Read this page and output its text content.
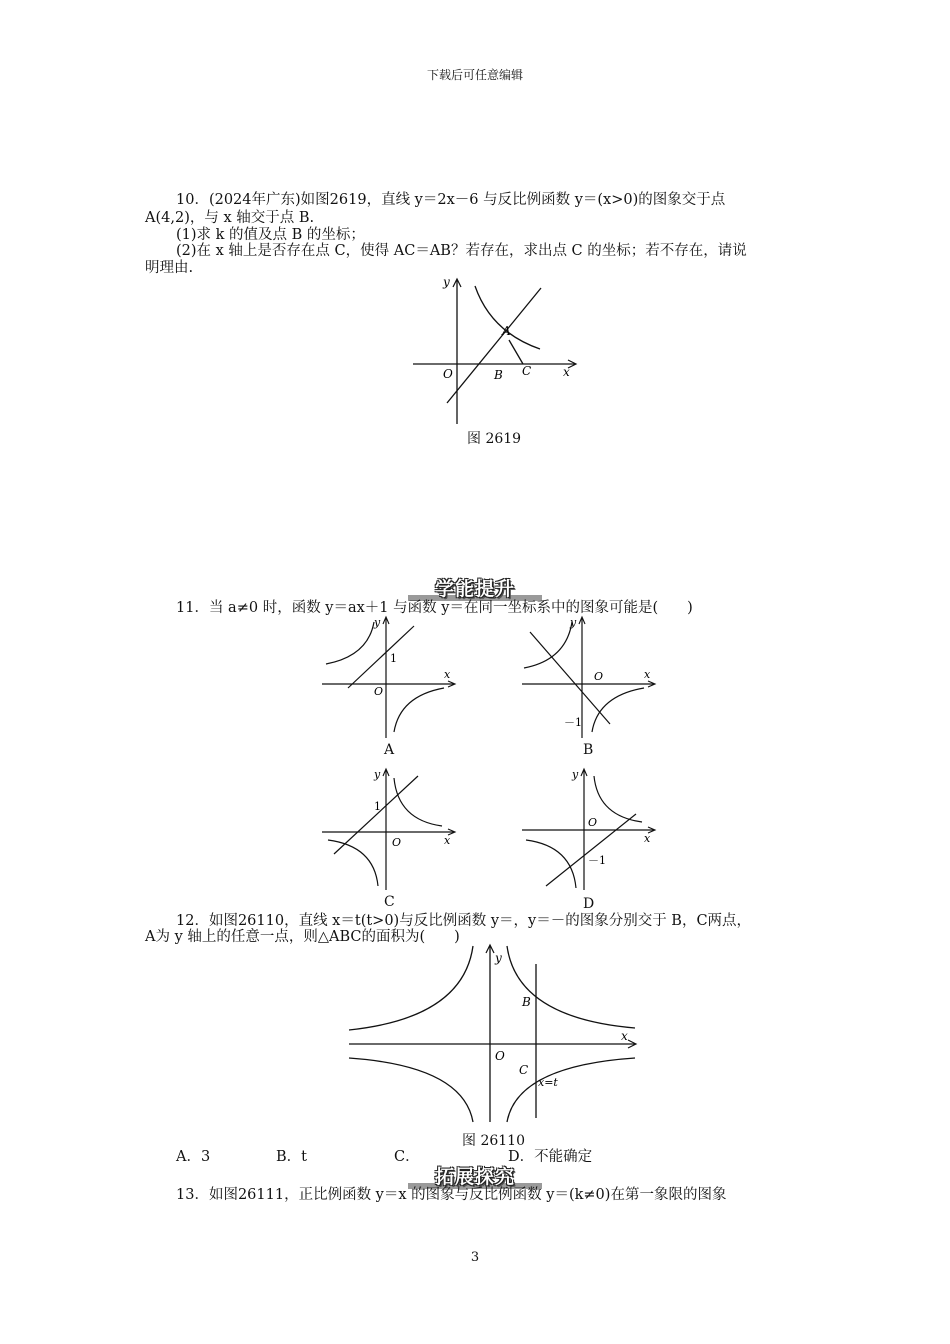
下载后可任意编辑
10．(2024年广东)如图2619，直线 y＝2x－6 与反比例函数 y＝(x>0)的图象交于点
A(4,2)，与 x 轴交于点 B.
(1)求 k 的值及点 B 的坐标；
(2)在 x 轴上是否存在点 C，使得 AC＝AB？若存在，求出点 C 的坐标；若不存在，请说
明理由.
y
x
O
A
B C
图 2619
学能提升
11．当 a≠0 时，函数 y＝ax＋1 与函数 y＝在同一坐标系中的图象可能是(　　)
y
x
O
1
A
y
x
O
－1
B
y
x
O
1
C
y
x
O
－1
D
12．如图26110，直线 x＝t(t>0)与反比例函数 y＝，y＝－的图象分别交于 B，C两点，
A为 y 轴上的任意一点，则△ABC的面积为(　　)
y
x
O
B
C
x=t
图 26110
A．3	B．t	C．	D．不能确定
拓展探究
13．如图26111，正比例函数 y＝x 的图象与反比例函数 y＝(k≠0)在第一象限的图象
3
